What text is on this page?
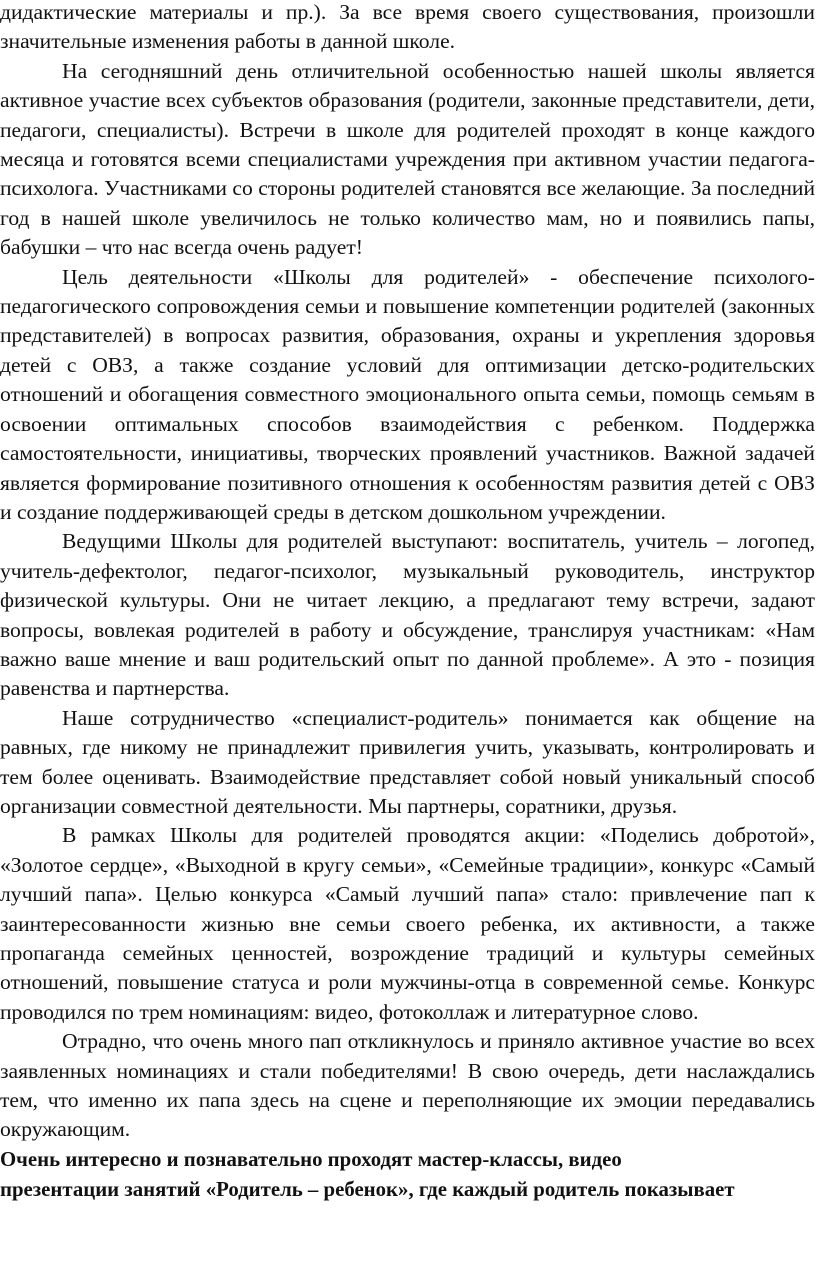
дидактические материалы и пр.). За все время своего существования, произошли значительные изменения работы в данной школе.

На сегодняшний день отличительной особенностью нашей школы является активное участие всех субъектов образования (родители, законные представители, дети, педагоги, специалисты). Встречи в школе для родителей проходят в конце каждого месяца и готовятся всеми специалистами учреждения при активном участии педагога-психолога. Участниками со стороны родителей становятся все желающие. За последний год в нашей школе увеличилось не только количество мам, но и появились папы, бабушки – что нас всегда очень радует!

Цель деятельности «Школы для родителей» - обеспечение психолого-педагогического сопровождения семьи и повышение компетенции родителей (законных представителей) в вопросах развития, образования, охраны и укрепления здоровья детей с ОВЗ, а также создание условий для оптимизации детско-родительских отношений и обогащения совместного эмоционального опыта семьи, помощь семьям в освоении оптимальных способов взаимодействия с ребенком. Поддержка самостоятельности, инициативы, творческих проявлений участников. Важной задачей является формирование позитивного отношения к особенностям развития детей с ОВЗ и создание поддерживающей среды в детском дошкольном учреждении.

Ведущими Школы для родителей выступают: воспитатель, учитель – логопед, учитель-дефектолог, педагог-психолог, музыкальный руководитель, инструктор физической культуры. Они не читает лекцию, а предлагают тему встречи, задают вопросы, вовлекая родителей в работу и обсуждение, транслируя участникам: «Нам важно ваше мнение и ваш родительский опыт по данной проблеме». А это - позиция равенства и партнерства.

Наше сотрудничество «специалист-родитель» понимается как общение на равных, где никому не принадлежит привилегия учить, указывать, контролировать и тем более оценивать. Взаимодействие представляет собой новый уникальный способ организации совместной деятельности. Мы партнеры, соратники, друзья.

В рамках Школы для родителей проводятся акции: «Поделись добротой», «Золотое сердце», «Выходной в кругу семьи», «Семейные традиции», конкурс «Самый лучший папа». Целью конкурса «Самый лучший папа» стало: привлечение пап к заинтересованности жизнью вне семьи своего ребенка, их активности, а также пропаганда семейных ценностей, возрождение традиций и культуры семейных отношений, повышение статуса и роли мужчины-отца в современной семье. Конкурс проводился по трем номинациям: видео, фотоколлаж и литературное слово.

Отрадно, что очень много пап откликнулось и приняло активное участие во всех заявленных номинациях и стали победителями! В свою очередь, дети наслаждались тем, что именно их папа здесь на сцене и переполняющие их эмоции передавались окружающим.

Очень интересно и познавательно проходят мастер-классы, видео

презентации занятий «Родитель – ребенок», где каждый родитель показывает
